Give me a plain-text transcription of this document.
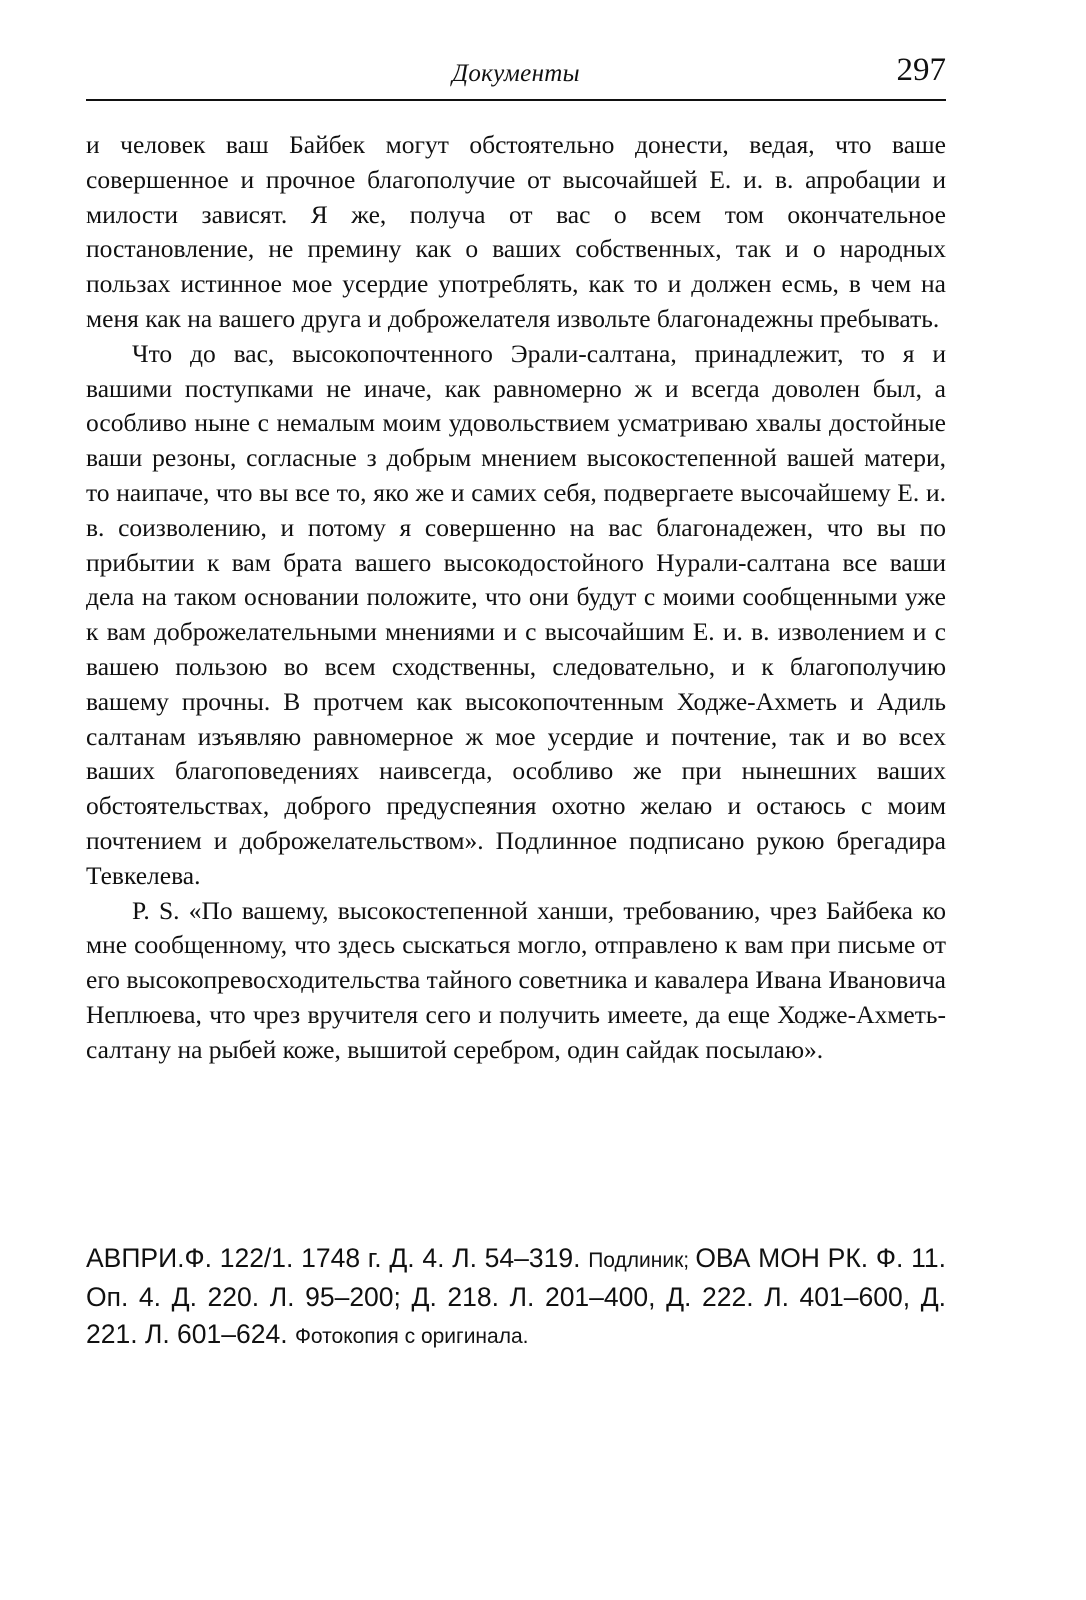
Документы	297

и человек ваш Байбек могут обстоятельно донести, ведая, что ваше совершенное и прочное благополучие от высочайшей Е. и. в. апробации и милости зависят. Я же, получа от вас о всем том окончательное постановление, не премину как о ваших собственных, так и о народных пользах истинное мое усердие употреблять, как то и должен есмь, в чем на меня как на вашего друга и доброжелателя извольте благонадежны пребывать.

Что до вас, высокопочтенного Эрали-салтана, принадлежит, то я и вашими поступками не иначе, как равномерно ж и всегда доволен был, а особливо ныне с немалым моим удовольствием усматриваю хвалы достойные ваши резоны, согласные з добрым мнением высокостепенной вашей матери, то наипаче, что вы все то, яко же и самих себя, подвергаете высочайшему Е. и. в. соизволению, и потому я совершенно на вас благонадежен, что вы по прибытии к вам брата вашего высокодостойного Нурали-салтана все ваши дела на таком основании положите, что они будут с моими сообщенными уже к вам доброжелательными мнениями и с высочайшим Е. и. в. изволением и с вашею пользою во всем сходственны, следовательно, и к благополучию вашему прочны. В протчем как высокопочтенным Ходже-Ахметь и Адиль салтанам изъявляю равномерное ж мое усердие и почтение, так и во всех ваших благоповедениях наивсегда, особливо же при нынешних ваших обстоятельствах, доброго предуспеяния охотно желаю и остаюсь с моим почтением и доброжелательством». Подлинное подписано рукою брегадира Тевкелева.

P. S. «По вашему, высокостепенной ханши, требованию, чрез Байбека ко мне сообщенному, что здесь сыскаться могло, отправлено к вам при письме от его высокопревосходительства тайного советника и кавалера Ивана Ивановича Неплюева, что чрез вручителя сего и получить имеете, да еще Ходже-Ахметь-салтану на рыбей коже, вышитой серебром, один сайдак посылаю».

АВПРИ.Ф. 122/1. 1748 г. Д. 4. Л. 54–319. Подлиник; ОВА МОН РК. Ф. 11. Оп. 4. Д. 220. Л. 95–200; Д. 218. Л. 201–400, Д. 222. Л. 401–600, Д. 221. Л. 601–624. Фотокопия с оригинала.
